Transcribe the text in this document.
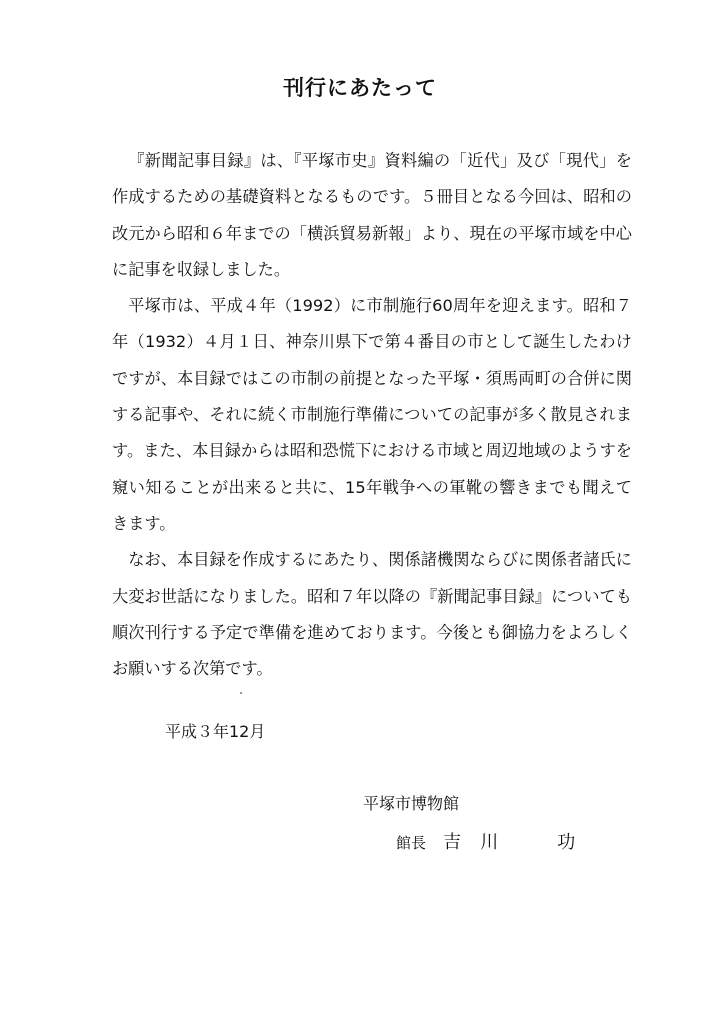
刊行にあたって

『新聞記事目録』は、『平塚市史』資料編の「近代」及び「現代」を作成するための基礎資料となるものです。５冊目となる今回は、昭和の改元から昭和６年までの「横浜貿易新報」より、現在の平塚市域を中心に記事を収録しました。

平塚市は、平成４年（1992）に市制施行60周年を迎えます。昭和７年（1932）４月１日、神奈川県下で第４番目の市として誕生したわけですが、本目録ではこの市制の前提となった平塚・須馬両町の合併に関する記事や、それに続く市制施行準備についての記事が多く散見されます。また、本目録からは昭和恐慌下における市域と周辺地域のようすを窺い知ることが出来ると共に、15年戦争への軍靴の響きまでも聞えてきます。

なお、本目録を作成するにあたり、関係諸機関ならびに関係者諸氏に大変お世話になりました。昭和７年以降の『新聞記事目録』についても順次刊行する予定で準備を進めております。今後とも御協力をよろしくお願いする次第です。

平成３年12月
平塚市博物館
館長 吉 川	功
